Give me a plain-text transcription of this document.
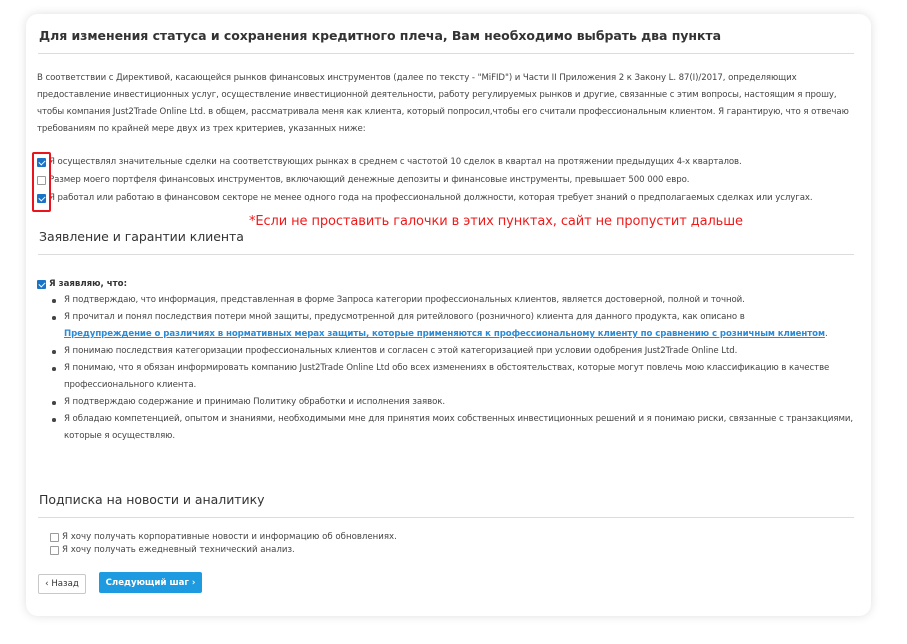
Для изменения статуса и сохранения кредитного плеча, Вам необходимо выбрать два пункта

В соответствии с Директивой, касающейся рынков финансовых инструментов (далее по тексту - "MiFID") и Части II Приложения 2 к Закону L. 87(I)/2017, определяющих предоставление инвестиционных услуг, осуществление инвестиционной деятельности, работу регулируемых рынков и другие, связанные с этим вопросы, настоящим я прошу, чтобы компания Just2Trade Online Ltd. в общем, рассматривала меня как клиента, который попросил,чтобы его считали профессиональным клиентом. Я гарантирую, что я отвечаю требованиям по крайней мере двух из трех критериев, указанных ниже:

Я осуществлял значительные сделки на соответствующих рынках в среднем с частотой 10 сделок в квартал на протяжении предыдущих 4-х кварталов.
Размер моего портфеля финансовых инструментов, включающий денежные депозиты и финансовые инструменты, превышает 500 000 евро.
Я работал или работаю в финансовом секторе не менее одного года на профессиональной должности, которая требует знаний о предполагаемых сделках или услугах.
*Если не проставить галочки в этих пунктах, сайт не пропустит дальше
Заявление и гарантии клиента
Я заявляю, что:
Я подтверждаю, что информация, представленная в форме Запроса категории профессиональных клиентов, является достоверной, полной и точной.
Я прочитал и понял последствия потери мной защиты, предусмотренной для ритейлового (розничного) клиента для данного продукта, как описано в
Предупреждение о различиях в нормативных мерах защиты, которые применяются к профессиональному клиенту по сравнению с розничным клиентом.
Я понимаю последствия категоризации профессиональных клиентов и согласен с этой категоризацией при условии одобрения Just2Trade Online Ltd.
Я понимаю, что я обязан информировать компанию Just2Trade Online Ltd обо всех изменениях в обстоятельствах, которые могут повлечь мою классификацию в качестве профессионального клиента.
Я подтверждаю содержание и принимаю Политику обработки и исполнения заявок.
Я обладаю компетенцией, опытом и знаниями, необходимыми мне для принятия моих собственных инвестиционных решений и я понимаю риски, связанные с транзакциями, которые я осуществляю.
Подписка на новости и аналитику
Я хочу получать корпоративные новости и информацию об обновлениях.
Я хочу получать ежедневный технический анализ.
‹ Назад	Следующий шаг ›
